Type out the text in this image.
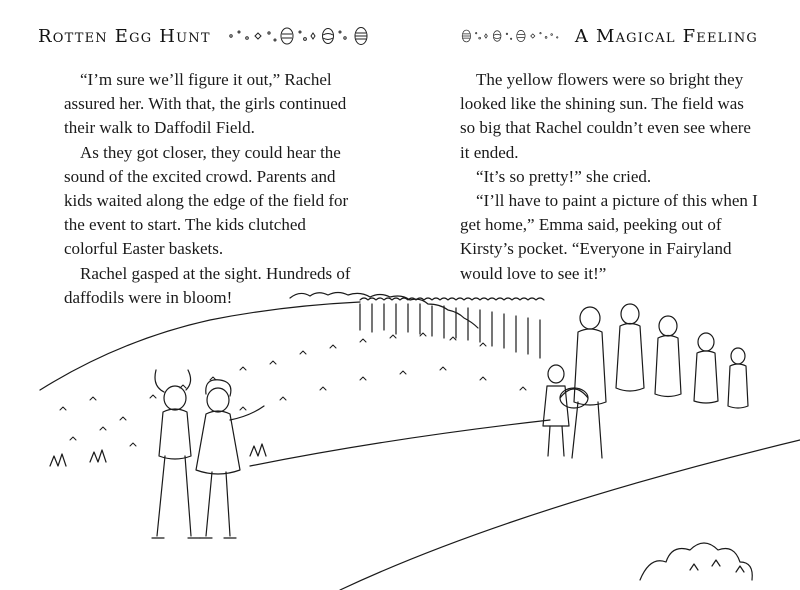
Rotten Egg Hunt	A Magical Feeling

“I’m sure we’ll figure it out,” Rachel assured her. With that, the girls continued their walk to Daffodil Field.

As they got closer, they could hear the sound of the excited crowd. Parents and kids waited along the edge of the field for the event to start. The kids clutched colorful Easter baskets.

Rachel gasped at the sight. Hundreds of daffodils were in bloom!

The yellow flowers were so bright they looked like the shining sun. The field was so big that Rachel couldn’t even see where it ended.

“It’s so pretty!” she cried.

“I’ll have to paint a picture of this when I get home,” Emma said, peeking out of Kirsty’s pocket. “Everyone in Fairyland would love to see it!”
